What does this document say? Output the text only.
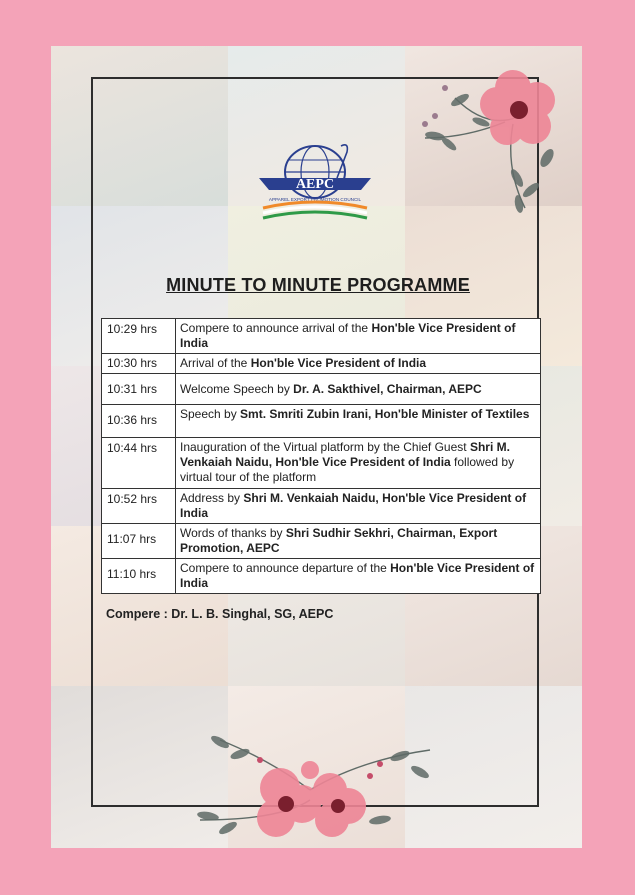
AEPC
APPAREL EXPORT PROMOTION COUNCIL
MINUTE TO MINUTE PROGRAMME
10:29 hrs	Compere to announce arrival of the Hon'ble Vice President of India
10:30 hrs	Arrival of the Hon'ble Vice President of India
10:31 hrs	Welcome Speech by Dr. A. Sakthivel, Chairman, AEPC
10:36 hrs	Speech by Smt. Smriti Zubin Irani, Hon'ble Minister of Textiles
10:44 hrs	Inauguration of the Virtual platform by the Chief Guest Shri M. Venkaiah Naidu, Hon'ble Vice President of India followed by virtual tour of the platform
10:52 hrs	Address by Shri M. Venkaiah Naidu, Hon'ble Vice President of India
11:07 hrs	Words of thanks by Shri Sudhir Sekhri, Chairman, Export Promotion, AEPC
11:10 hrs	Compere to announce departure of the Hon'ble Vice President of India
Compere : Dr. L. B. Singhal, SG, AEPC
